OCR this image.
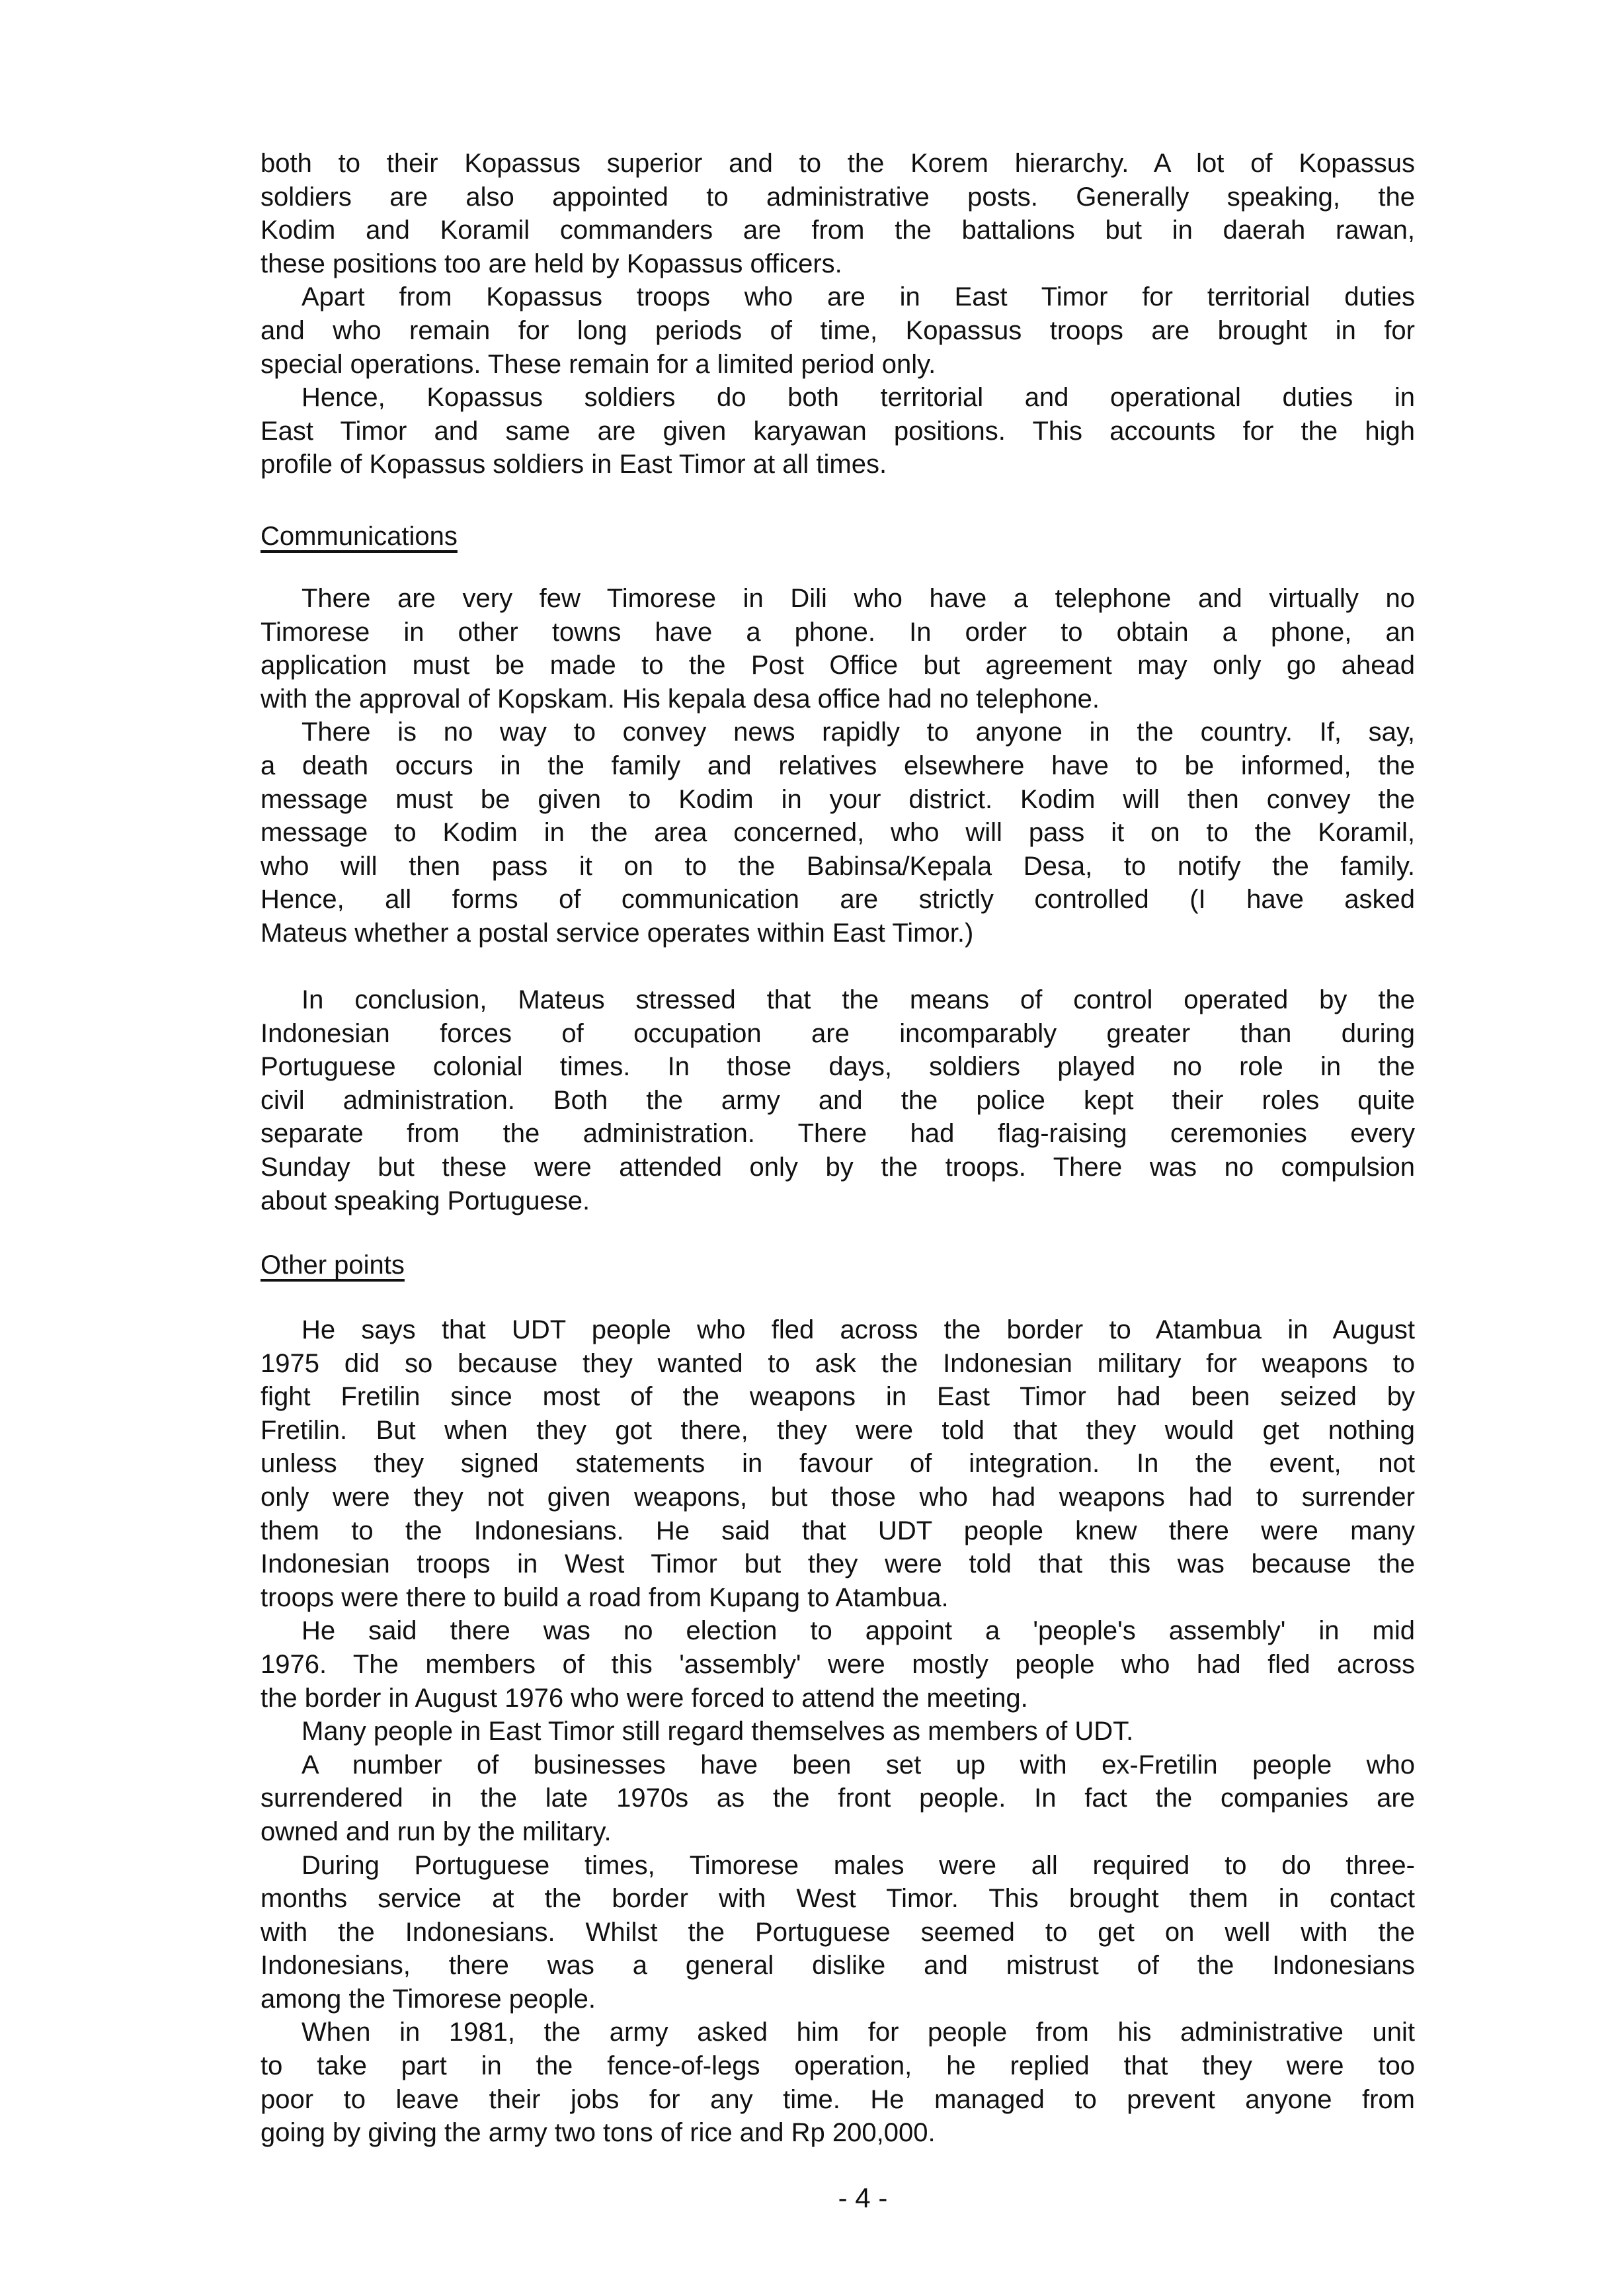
both to their Kopassus superior and to the Korem hierarchy. A lot of Kopassus
soldiers are also appointed to administrative posts. Generally speaking, the
Kodim and Koramil commanders are from the battalions but in daerah rawan,
these positions too are held by Kopassus officers.
Apart from Kopassus troops who are in East Timor for territorial duties
and who remain for long periods of time, Kopassus troops are brought in for
special operations. These remain for a limited period only.
Hence, Kopassus soldiers do both territorial and operational duties in
East Timor and same are given karyawan positions. This accounts for the high
profile of Kopassus soldiers in East Timor at all times.
Communications
There are very few Timorese in Dili who have a telephone and virtually no
Timorese in other towns have a phone. In order to obtain a phone, an
application must be made to the Post Office but agreement may only go ahead
with the approval of Kopskam. His kepala desa office had no telephone.
There is no way to convey news rapidly to anyone in the country. If, say,
a death occurs in the family and relatives elsewhere have to be informed, the
message must be given to Kodim in your district. Kodim will then convey the
message to Kodim in the area concerned, who will pass it on to the Koramil,
who will then pass it on to the Babinsa/Kepala Desa, to notify the family.
Hence, all forms of communication are strictly controlled (I have asked
Mateus whether a postal service operates within East Timor.)
In conclusion, Mateus stressed that the means of control operated by the
Indonesian forces of occupation are incomparably greater than during
Portuguese colonial times. In those days, soldiers played no role in the
civil administration. Both the army and the police kept their roles quite
separate from the administration. There had flag-raising ceremonies every
Sunday but these were attended only by the troops. There was no compulsion
about speaking Portuguese.
Other points
He says that UDT people who fled across the border to Atambua in August
1975 did so because they wanted to ask the Indonesian military for weapons to
fight Fretilin since most of the weapons in East Timor had been seized by
Fretilin. But when they got there, they were told that they would get nothing
unless they signed statements in favour of integration. In the event, not
only were they not given weapons, but those who had weapons had to surrender
them to the Indonesians. He said that UDT people knew there were many
Indonesian troops in West Timor but they were told that this was because the
troops were there to build a road from Kupang to Atambua.
He said there was no election to appoint a 'people's assembly' in mid
1976. The members of this 'assembly' were mostly people who had fled across
the border in August 1976 who were forced to attend the meeting.
Many people in East Timor still regard themselves as members of UDT.
A number of businesses have been set up with ex-Fretilin people who
surrendered in the late 1970s as the front people. In fact the companies are
owned and run by the military.
During Portuguese times, Timorese males were all required to do three-
months service at the border with West Timor. This brought them in contact
with the Indonesians. Whilst the Portuguese seemed to get on well with the
Indonesians, there was a general dislike and mistrust of the Indonesians
among the Timorese people.
When in 1981, the army asked him for people from his administrative unit
to take part in the fence-of-legs operation, he replied that they were too
poor to leave their jobs for any time. He managed to prevent anyone from
going by giving the army two tons of rice and Rp 200,000.
- 4 -
